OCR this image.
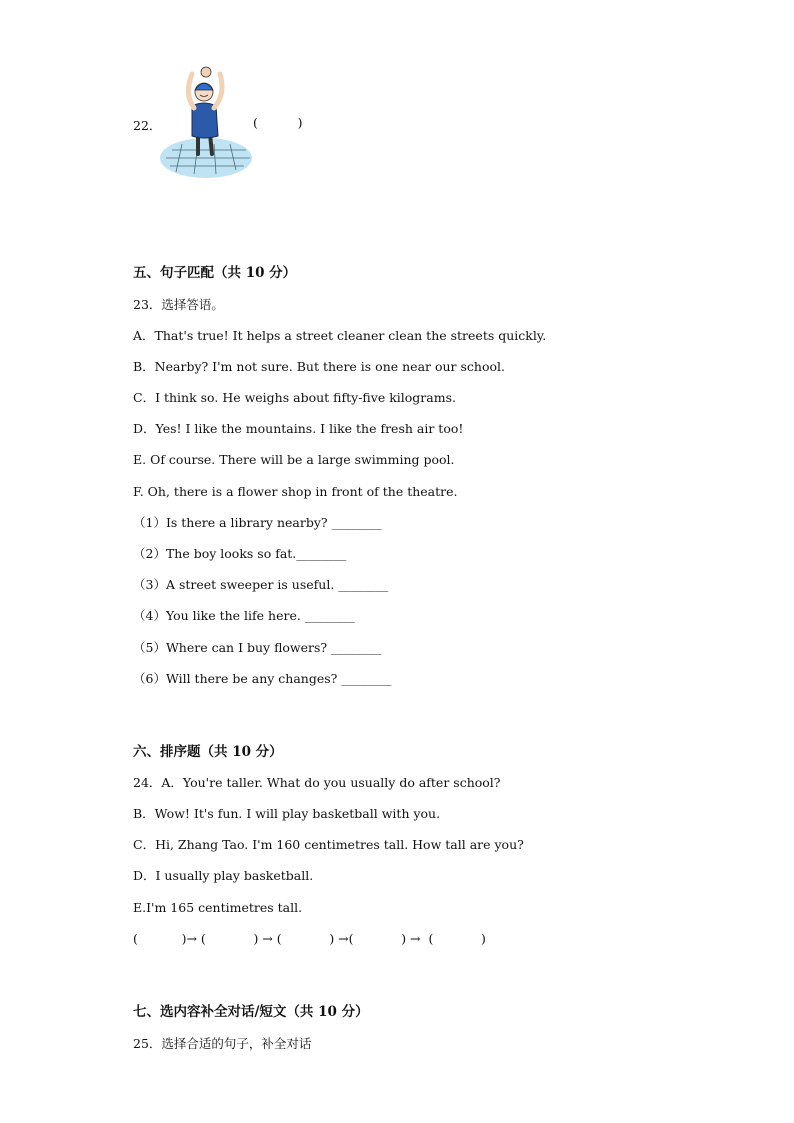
22．	(          )
五、句子匹配（共 10 分）
23．选择答语。
A．That's true! It helps a street cleaner clean the streets quickly.
B．Nearby? I'm not sure. But there is one near our school.
C．I think so. He weighs about fifty-five kilograms.
D．Yes! I like the mountains. I like the fresh air too!
E. Of course. There will be a large swimming pool.
F. Oh, there is a flower shop in front of the theatre.
（1）Is there a library nearby? ________
（2）The boy looks so fat.________
（3）A street sweeper is useful. ________
（4）You like the life here. ________
（5）Where can I buy flowers? ________
（6）Will there be any changes? ________
六、排序题（共 10 分）
24．A．You're taller. What do you usually do after school?
B．Wow! It's fun. I will play basketball with you.
C．Hi, Zhang Tao. I'm 160 centimetres tall. How tall are you?
D．I usually play basketball.
E.I'm 165 centimetres tall.
(           )→ (            ) → (            ) →(            ) →  (            )
七、选内容补全对话/短文（共 10 分）
25．选择合适的句子，补全对话
